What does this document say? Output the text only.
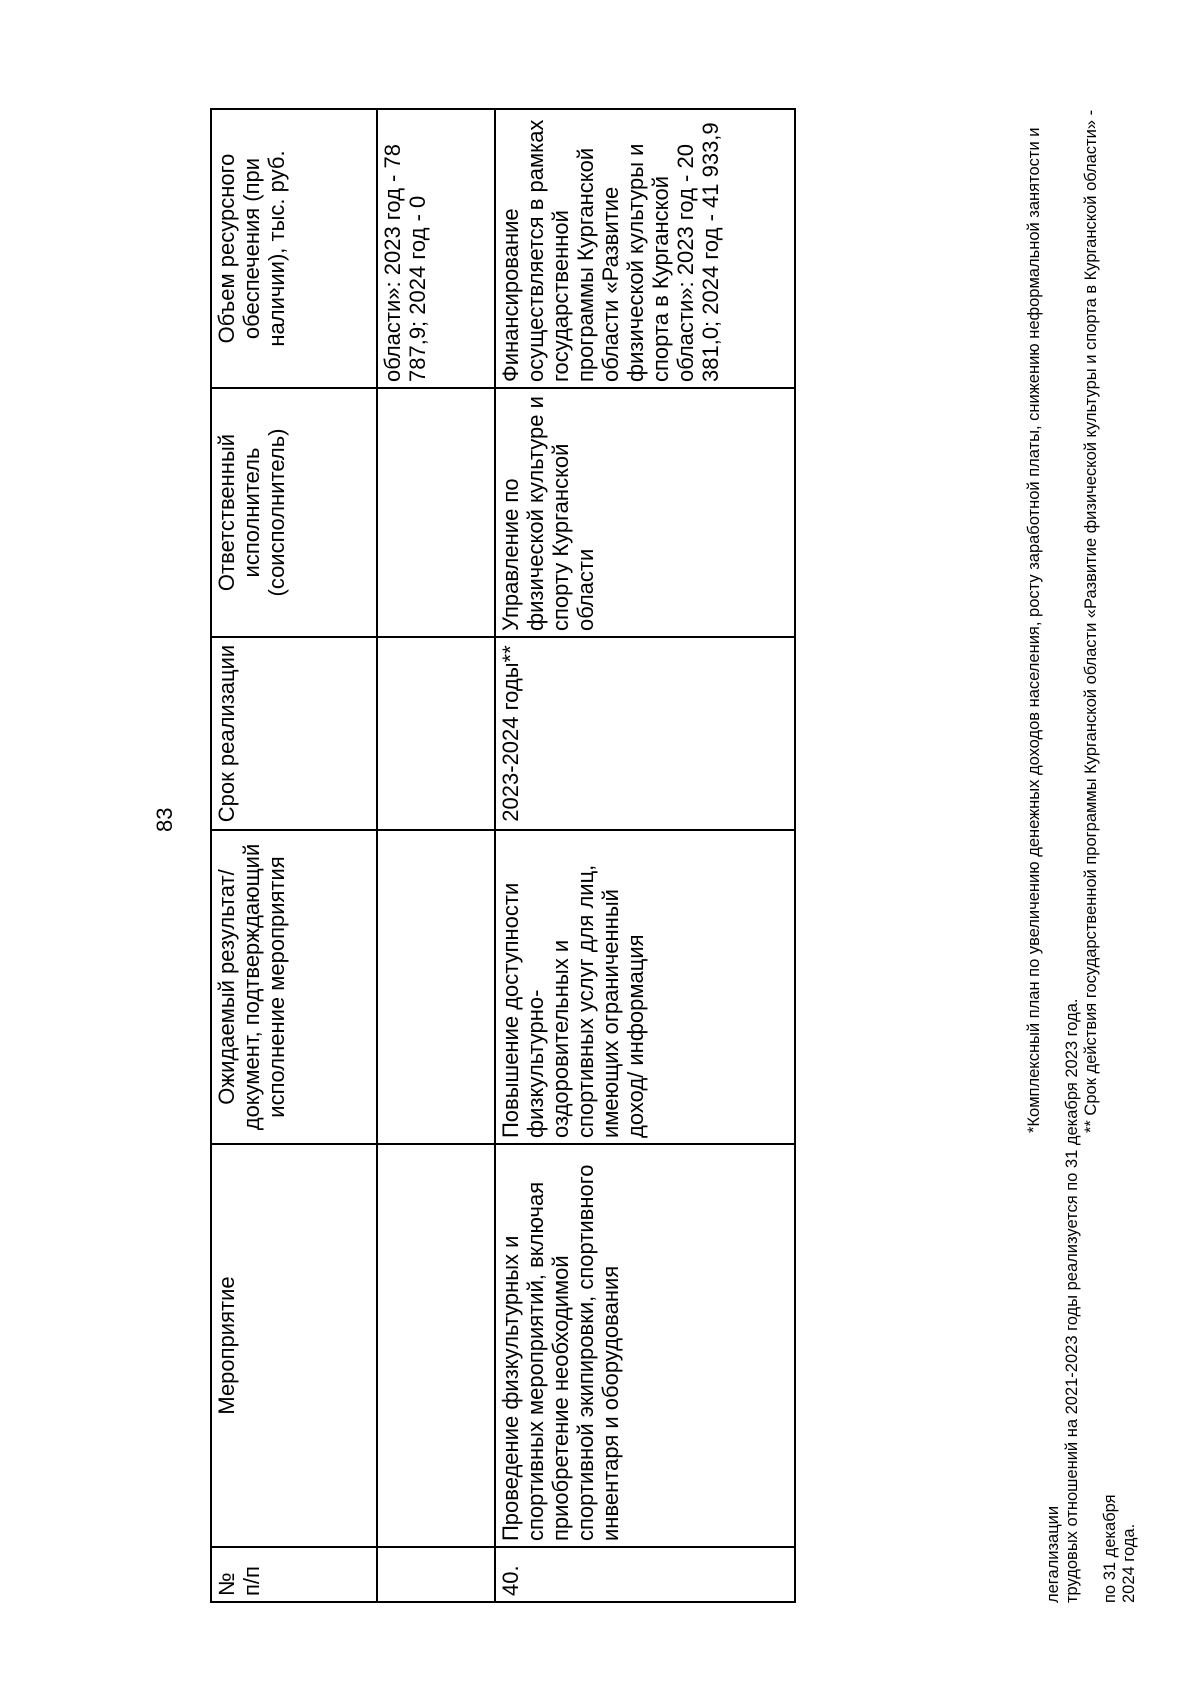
83
№ п/п	Мероприятие	Ожидаемый результат/документ, подтверждающий исполнение мероприятия	Срок реализации	Ответственный исполнитель (соисполнитель)	Объем ресурсного обеспечения (при наличии), тыс. руб.
					области»: 2023 год - 78 787,9; 2024 год - 0
40.	Проведение физкультурных и спортивных мероприятий, включая приобретение необходимой спортивной экипировки, спортивного инвентаря и оборудования	Повышение доступности физкультурно-оздоровительных и спортивных услуг для лиц, имеющих ограниченный доход/ информация	2023-2024 годы**	Управление по физической культуре и спорту Курганской области	Финансирование осуществляется в рамках государственной программы Курганской области «Развитие физической культуры и спорта в Курганской области»: 2023 год - 20 381,0; 2024 год - 41 933,9	*Комплексный план по увеличению денежных доходов населения, росту заработной платы, снижению неформальной занятости и легализации трудовых отношений на 2021-2023 годы реализуется по 31 декабря 2023 года.
** Срок действия государственной программы Курганской области «Развитие физической культуры и спорта в Курганской области» - по 31 декабря 2024 года.
